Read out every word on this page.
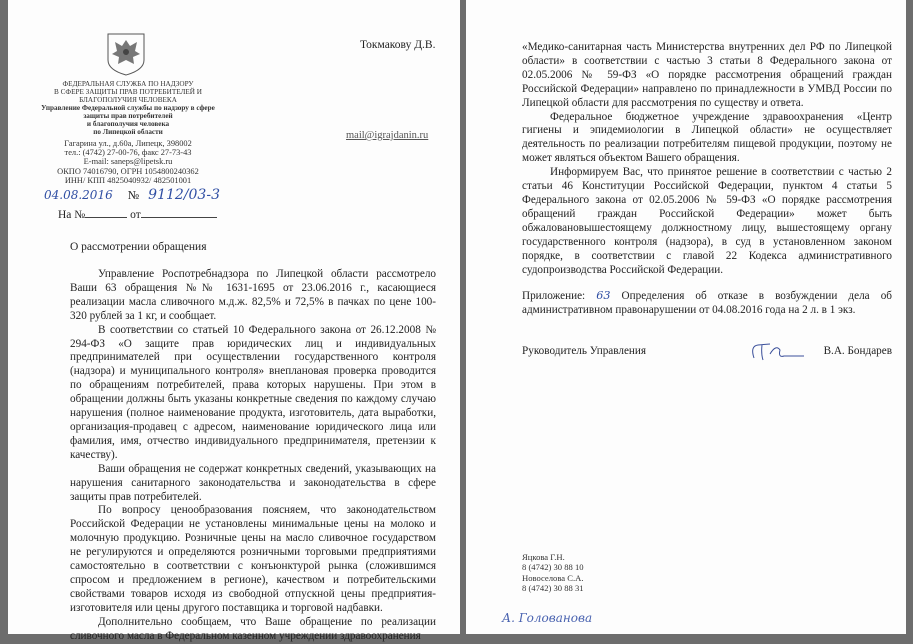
ФЕДЕРАЛЬНАЯ СЛУЖБА ПО НАДЗОРУ
В СФЕРЕ ЗАЩИТЫ ПРАВ ПОТРЕБИТЕЛЕЙ И
БЛАГОПОЛУЧИЯ ЧЕЛОВЕКА
Управление Федеральной службы по надзору в сфере
защиты прав потребителей
и благополучия человека
по Липецкой области
Гагарина ул., д.60а, Липецк, 398002
тел.: (4742) 27-00-76, факс 27-73-43
E-mail: saneps@lipetsk.ru
ОКПО 74016790, ОГРН 1054800240362
ИНН/ КПП 4825040932/ 482501001
04.08.2016 № 9112/03-3
На №	от
Токмакову Д.В.
mail@igrajdanin.ru
О рассмотрении обращения

Управление Роспотребнадзора по Липецкой области рассмотрело Ваши 63 обращения №№ 1631-1695 от 23.06.2016 г., касающиеся реализации масла сливочного м.д.ж. 82,5% и 72,5% в пачках по цене 100-320 рублей за 1 кг, и сообщает.

В соответствии со статьей 10 Федерального закона от 26.12.2008 № 294-ФЗ «О защите прав юридических лиц и индивидуальных предпринимателей при осуществлении государственного контроля (надзора) и муниципального контроля» внеплановая проверка проводится по обращениям потребителей, права которых нарушены. При этом в обращении должны быть указаны конкретные сведения по каждому случаю нарушения (полное наименование продукта, изготовитель, дата выработки, организация-продавец с адресом, наименование юридического лица или фамилия, имя, отчество индивидуального предпринимателя, претензии к качеству).

Ваши обращения не содержат конкретных сведений, указывающих на нарушения санитарного законодательства и законодательства в сфере защиты прав потребителей.

По вопросу ценообразования поясняем, что законодательством Российской Федерации не установлены минимальные цены на молоко и молочную продукцию. Розничные цены на масло сливочное государством не регулируются и определяются розничными торговыми предприятиями самостоятельно в соответствии с конъюнктурой рынка (сложившимся спросом и предложением в регионе), качеством и потребительскими свойствами товаров исходя из свободной отпускной цены предприятия-изготовителя или цены другого поставщика и торговой надбавки.

Дополнительно сообщаем, что Ваше обращение по реализации сливочного масла в Федеральном казенном учреждении здравоохранения

«Медико-санитарная часть Министерства внутренних дел РФ по Липецкой области» в соответствии с частью 3 статьи 8 Федерального закона от 02.05.2006 № 59-ФЗ «О порядке рассмотрения обращений граждан Российской Федерации» направлено по принадлежности в УМВД России по Липецкой области для рассмотрения по существу и ответа.

Федеральное бюджетное учреждение здравоохранения «Центр гигиены и эпидемиологии в Липецкой области» не осуществляет деятельность по реализации потребителям пищевой продукции, поэтому не может являться объектом Вашего обращения.

Информируем Вас, что принятое решение в соответствии с частью 2 статьи 46 Конституции Российской Федерации, пунктом 4 статьи 5 Федерального закона от 02.05.2006 № 59-ФЗ «О порядке рассмотрения обращений граждан Российской Федерации» может быть обжаловановышестоящему должностному лицу, вышестоящему органу государственного контроля (надзора), в суд в установленном законом порядке, в соответствии с главой 22 Кодекса административного судопроизводства Российской Федерации.

Приложение: 63 Определения об отказе в возбуждении дела об административном правонарушении от 04.08.2016 года на 2 л. в 1 экз.

Руководитель Управления	В.А. Бондарев
Яцкова Г.Н.
8 (4742) 30 88 10
Новоселова С.А.
8 (4742) 30 88 31
А. Голованова
